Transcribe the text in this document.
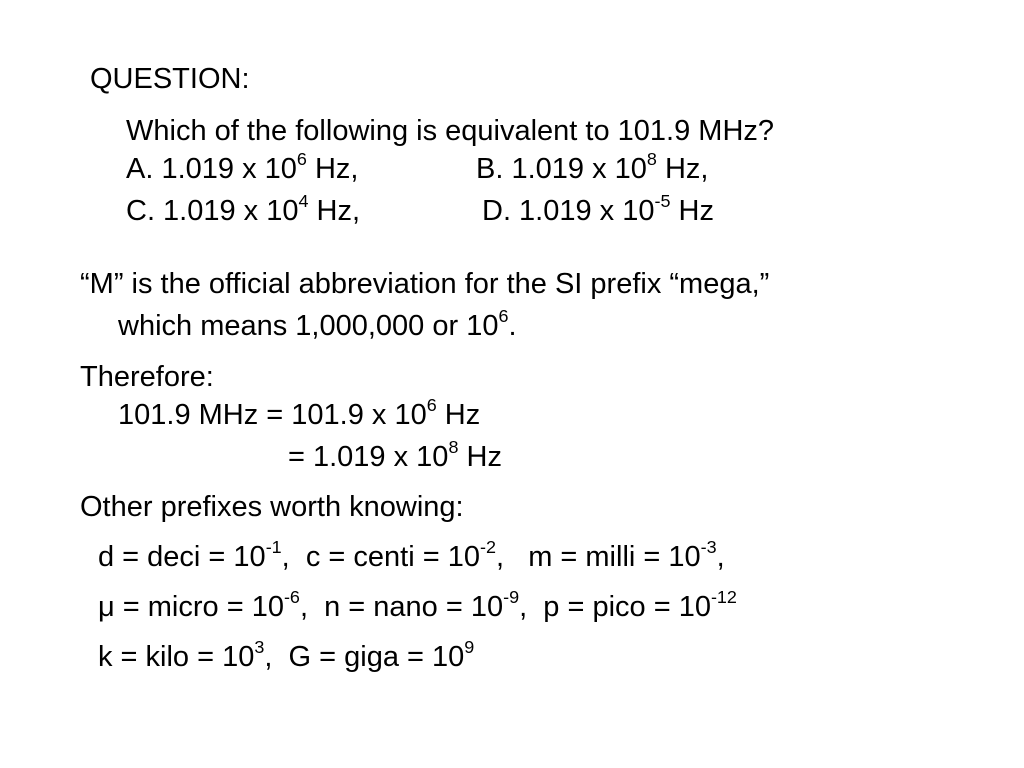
QUESTION:
Which of the following is equivalent to 101.9 MHz?
A. 1.019 x $10^6$ Hz,	B. 1.019 x $10^8$ Hz,
C. 1.019 x $10^4$ Hz,	D. 1.019 x $10^{-5}$ Hz
“M” is the official abbreviation for the SI prefix “mega,”
which means 1,000,000 or $10^6$.
Therefore:
101.9 MHz = 101.9 x $10^6$ Hz
= 1.019 x $10^8$ Hz
Other prefixes worth knowing:
d = deci = $10^{-1}$,  c = centi = $10^{-2}$,   m = milli = $10^{-3}$,
μ = micro = $10^{-6}$,  n = nano = $10^{-9}$,  p = pico = $10^{-12}$
k = kilo = $10^3$,  G = giga = $10^9$
